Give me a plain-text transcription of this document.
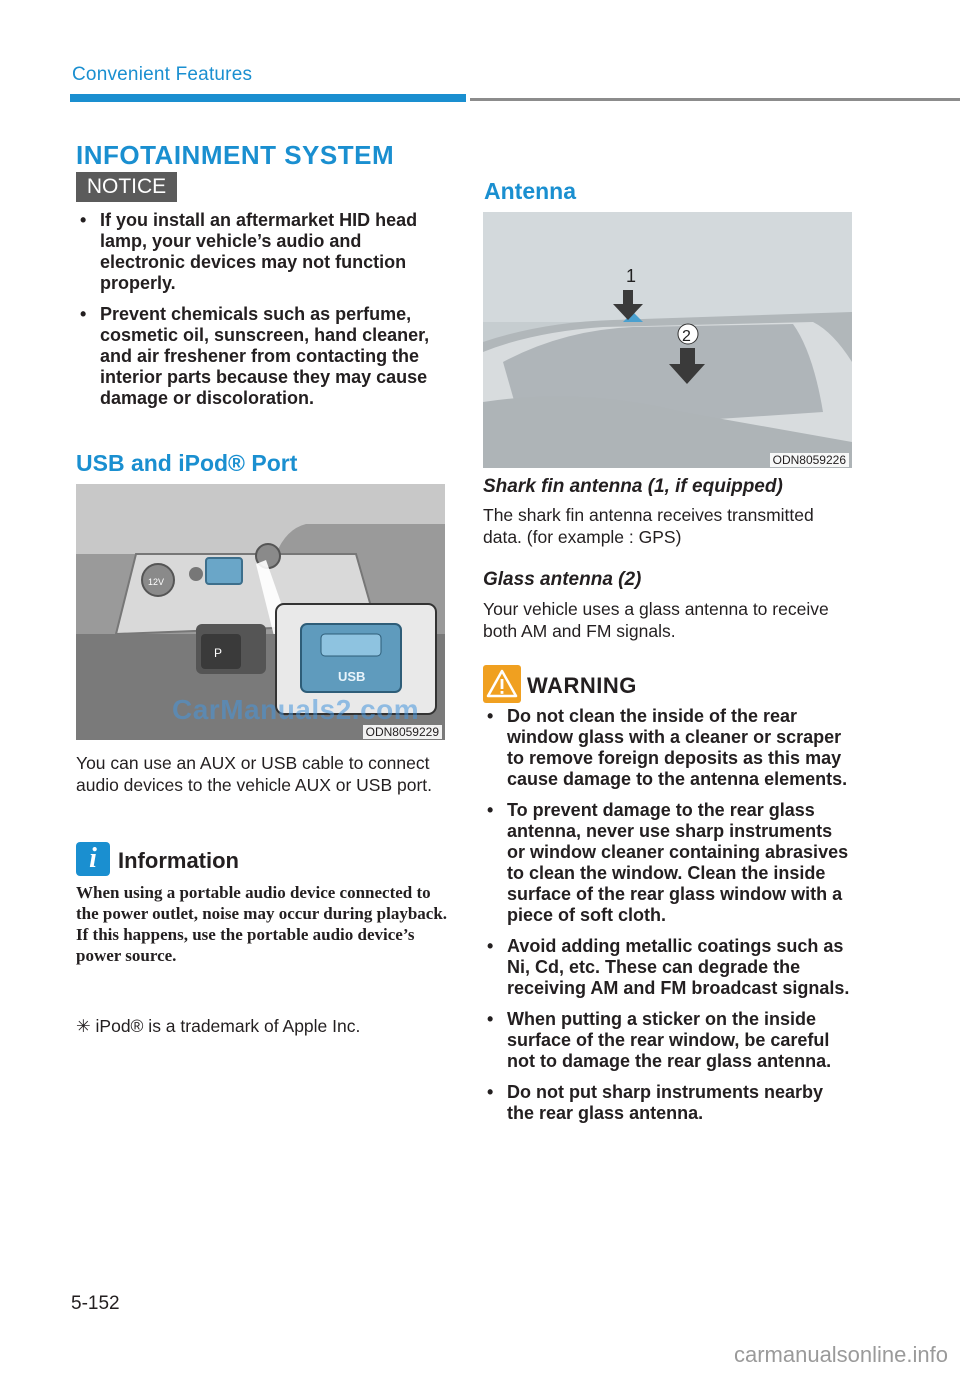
Convenient Features
INFOTAINMENT SYSTEM
NOTICE
• If you install an aftermarket HID head lamp, your vehicle’s audio and electronic devices may not function properly.
• Prevent chemicals such as perfume, cosmetic oil, sunscreen, hand cleaner, and air freshener from contacting the interior parts because they may cause damage or discoloration.
USB and iPod® Port
12V
P
USB
CarManuals2.com
ODN8059229
You can use an AUX or USB cable to connect audio devices to the vehicle AUX or USB port.
i Information
When using a portable audio device connected to the power outlet, noise may occur during playback. If this happens, use the portable audio device’s power source.
✳ iPod® is a trademark of Apple Inc.
Antenna
1
2
ODN8059226
Shark fin antenna (1, if equipped)
The shark fin antenna receives transmitted data. (for example : GPS)
Glass antenna (2)
Your vehicle uses a glass antenna to receive both AM and FM signals.
WARNING
• Do not clean the inside of the rear window glass with a cleaner or scraper to remove foreign deposits as this may cause damage to the antenna elements.
• To prevent damage to the rear glass antenna, never use sharp instruments or window cleaner containing abrasives to clean the window. Clean the inside surface of the rear glass window with a piece of soft cloth.
• Avoid adding metallic coatings such as Ni, Cd, etc. These can degrade the receiving AM and FM broadcast signals.
• When putting a sticker on the inside surface of the rear window, be careful not to damage the rear glass antenna.
• Do not put sharp instruments nearby the rear glass antenna.
5-152
carmanualsonline.info
